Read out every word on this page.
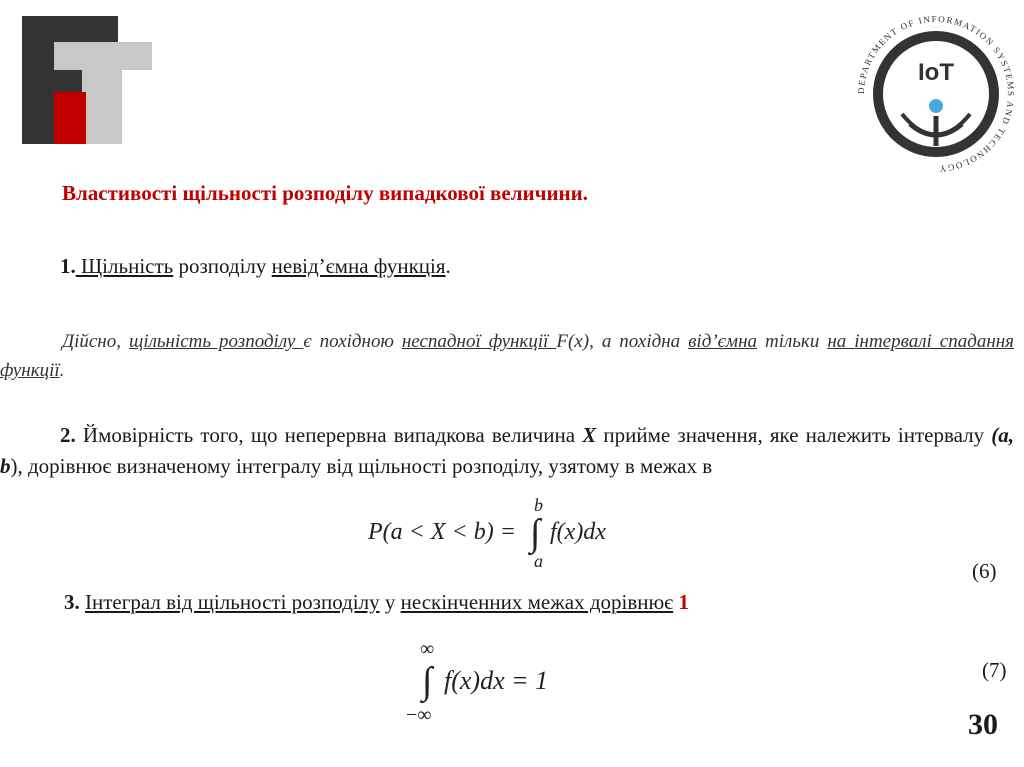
DEPARTMENT OF INFORMATION SYSTEMS AND TECHNOLOGY
IoT
Властивості щільності розподілу випадкової величини.
1. Щільність розподілу невід’ємна функція.
Дійсно, щільність розподілу є похідною неспадної функції F(x), а похідна від’ємна тільки на інтервалі спадання функції.
2. Ймовірність того, що неперервна випадкова величина X прийме значення, яке належить інтервалу (a, b), дорівнює визначеному інтегралу від щільності розподілу, узятому в межах в
P(a < X < b) =
b
∫
a
f(x)dx
(6)
3. Інтеграл від щільності розподілу у нескінченних межах дорівнює 1
∞
∫
−∞
f(x)dx = 1	(7)
30
